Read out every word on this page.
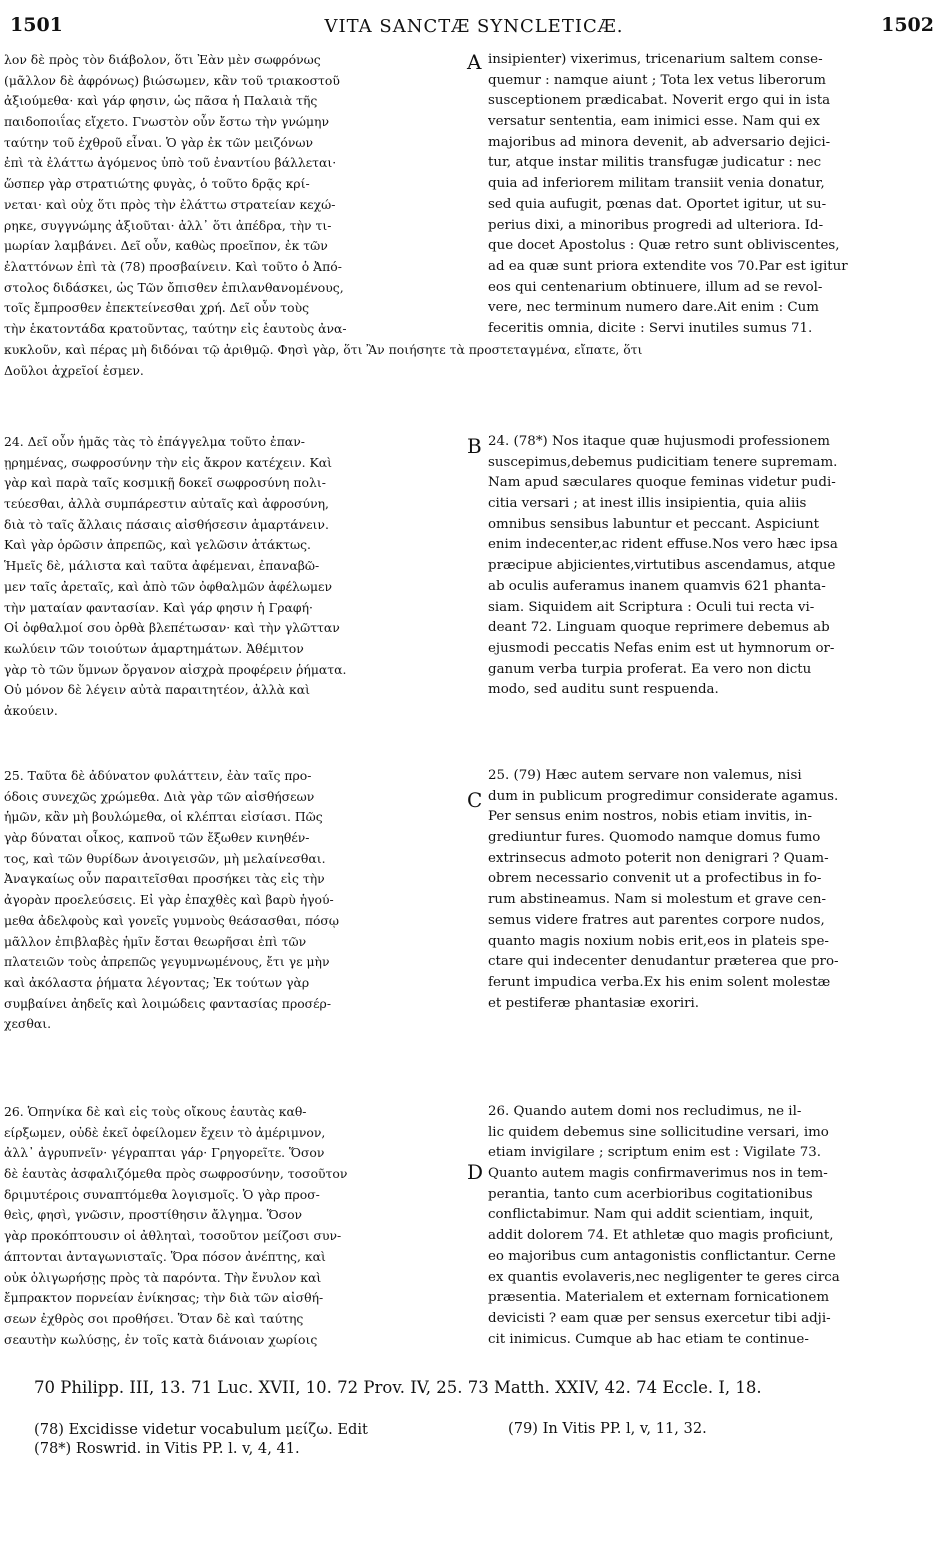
1501	VITA SANCTÆ SYNCLETICÆ.	1502
A
B
C
D
λον δὲ πρὸς τὸν διάβολον, ὅτι Ἐὰν μὲν σωφρόνως
(μᾶλλον δὲ ἀφρόνως) βιώσωμεν, κἂν τοῦ τριακοστοῦ
ἀξιούμεθα· καὶ γάρ φησιν, ὡς πᾶσα ἡ Παλαιὰ τῆς
παιδοποιΐας εἴχετο. Γνωστὸν οὖν ἔστω τὴν γνώμην
ταύτην τοῦ ἐχθροῦ εἶναι. Ὁ γὰρ ἐκ τῶν μειζόνων
ἐπὶ τὰ ἐλάττω ἀγόμενος ὑπὸ τοῦ ἐναντίου βάλλεται·
ὥσπερ γὰρ στρατιώτης φυγὰς, ὁ τοῦτο δρᾷς κρί-
νεται· καὶ οὐχ ὅτι πρὸς τὴν ἐλάττω στρατείαν κεχώ-
ρηκε, συγγνώμης ἀξιοῦται· ἀλλ᾽ ὅτι ἀπέδρα, τὴν τι-
μωρίαν λαμβάνει. Δεῖ οὖν, καθὼς προεῖπον, ἐκ τῶν
ἐλαττόνων ἐπὶ τὰ (78) προσβαίνειν. Καὶ τοῦτο ὁ Ἀπό-
στολος διδάσκει, ὡς Τῶν ὄπισθεν ἐπιλανθανομένους,
τοῖς ἔμπροσθεν ἐπεκτείνεσθαι χρή. Δεῖ οὖν τοὺς
τὴν ἑκατοντάδα κρατοῦντας, ταύτην εἰς ἑαυτοὺς ἀνα-
insipienter) vixerimus, tricenarium saltem conse-
quemur : namque aiunt ; Tota lex vetus liberorum
susceptionem prædicabat. Noverit ergo qui in ista
versatur sententia, eam inimici esse. Nam qui ex
majoribus ad minora devenit, ab adversario dejici-
tur, atque instar militis transfugæ judicatur : nec
quia ad inferiorem militam transiit venia donatur,
sed quia aufugit, pœnas dat. Oportet igitur, ut su-
perius dixi, a minoribus progredi ad ulteriora. Id-
que docet Apostolus : Quæ retro sunt obliviscentes,
ad ea quæ sunt priora extendite vos 70.Par est igitur
eos qui centenarium obtinuere, illum ad se revol-
vere, nec terminum numero dare.Ait enim : Cum
feceritis omnia, dicite : Servi inutiles sumus 71.
κυκλοῦν, καὶ πέρας μὴ διδόναι τῷ ἀριθμῷ. Φησὶ γὰρ, ὅτι Ἂν ποιήσητε τὰ προστεταγμένα, εἴπατε, ὅτι
Δοῦλοι ἀχρεῖοί ἐσμεν.
24. Δεῖ οὖν ἡμᾶς τὰς τὸ ἐπάγγελμα τοῦτο ἐπαν-
ῃρημένας, σωφροσύνην τὴν εἰς ἄκρον κατέχειν. Καὶ
γὰρ καὶ παρὰ ταῖς κοσμικῇ δοκεῖ σωφροσύνη πολι-
τεύεσθαι, ἀλλὰ συμπάρεστιν αὐταῖς καὶ ἀφροσύνη,
διὰ τὸ ταῖς ἄλλαις πάσαις αἰσθήσεσιν ἁμαρτάνειν.
Καὶ γὰρ ὁρῶσιν ἀπρεπῶς, καὶ γελῶσιν ἀτάκτως.
Ἡμεῖς δὲ, μάλιστα καὶ ταῦτα ἀφέμεναι, ἐπαναβῶ-
μεν ταῖς ἀρεταῖς, καὶ ἀπὸ τῶν ὀφθαλμῶν ἀφέλωμεν
τὴν ματαίαν φαντασίαν. Καὶ γάρ φησιν ἡ Γραφή·
Οἱ ὀφθαλμοί σου ὀρθὰ βλεπέτωσαν· καὶ τὴν γλῶτταν
κωλύειν τῶν τοιούτων ἁμαρτημάτων. Ἀθέμιτον
γὰρ τὸ τῶν ὕμνων ὄργανον αἰσχρὰ προφέρειν ῥήματα.
Οὐ μόνον δὲ λέγειν αὐτὰ παραιτητέον, ἀλλὰ καὶ
ἀκούειν.
24. (78*) Nos itaque quæ hujusmodi professionem
suscepimus,debemus pudicitiam tenere supremam.
Nam apud sæculares quoque feminas videtur pudi-
citia versari ; at inest illis insipientia, quia aliis
omnibus sensibus labuntur et peccant. Aspiciunt
enim indecenter,ac rident effuse.Nos vero hæc ipsa
præcipue abjicientes,virtutibus ascendamus, atque
ab oculis auferamus inanem quamvis 621 phanta-
siam. Siquidem ait Scriptura : Oculi tui recta vi-
deant 72. Linguam quoque reprimere debemus ab
ejusmodi peccatis Nefas enim est ut hymnorum or-
ganum verba turpia proferat. Ea vero non dictu
modo, sed auditu sunt respuenda.
25. Ταῦτα δὲ ἀδύνατον φυλάττειν, ἐὰν ταῖς προ-
όδοις συνεχῶς χρώμεθα. Διὰ γὰρ τῶν αἰσθήσεων
ἡμῶν, κἂν μὴ βουλώμεθα, οἱ κλέπται εἰσίασι. Πῶς
γὰρ δύναται οἶκος, καπνοῦ τῶν ἔξωθεν κινηθέν-
τος, καὶ τῶν θυρίδων ἀνοιγεισῶν, μὴ μελαίνεσθαι.
Ἀναγκαίως οὖν παραιτεῖσθαι προσήκει τὰς εἰς τὴν
ἀγορὰν προελεύσεις. Εἰ γὰρ ἐπαχθὲς καὶ βαρὺ ἡγού-
μεθα ἀδελφοὺς καὶ γονεῖς γυμνοὺς θεάσασθαι, πόσῳ
μᾶλλον ἐπιβλαβὲς ἡμῖν ἔσται θεωρῆσαι ἐπὶ τῶν
πλατειῶν τοὺς ἀπρεπῶς γεγυμνωμένους, ἔτι γε μὴν
καὶ ἀκόλαστα ῥήματα λέγοντας; Ἐκ τούτων γὰρ
συμβαίνει ἀηδεῖς καὶ λοιμώδεις φαντασίας προσέρ-
χεσθαι.
25. (79) Hæc autem servare non valemus, nisi
dum in publicum progredimur considerate agamus.
Per sensus enim nostros, nobis etiam invitis, in-
grediuntur fures. Quomodo namque domus fumo
extrinsecus admoto poterit non denigrari ? Quam-
obrem necessario convenit ut a profectibus in fo-
rum abstineamus. Nam si molestum et grave cen-
semus videre fratres aut parentes corpore nudos,
quanto magis noxium nobis erit,eos in plateis spe-
ctare qui indecenter denudantur præterea que pro-
ferunt impudica verba.Ex his enim solent molestæ
et pestiferæ phantasiæ exoriri.
26. Ὁπηνίκα δὲ καὶ εἰς τοὺς οἴκους ἑαυτὰς καθ-
είρξωμεν, οὐδὲ ἐκεῖ ὀφείλομεν ἔχειν τὸ ἀμέριμνον,
ἀλλ᾽ ἀγρυπνεῖν· γέγραπται γάρ· Γρηγορεῖτε. Ὅσον
δὲ ἑαυτὰς ἀσφαλιζόμεθα πρὸς σωφροσύνην, τοσοῦτον
δριμυτέροις συναπτόμεθα λογισμοῖς. Ὁ γὰρ προσ-
θεὶς, φησὶ, γνῶσιν, προστίθησιν ἄλγημα. Ὅσον
γὰρ προκόπτουσιν οἱ ἀθληταὶ, τοσοῦτον μείζοσι συν-
άπτονται ἀνταγωνισταῖς. Ὅρα πόσον ἀνέπτης, καὶ
οὐκ ὀλιγωρήσῃς πρὸς τὰ παρόντα. Τὴν ἔνυλον καὶ
ἔμπρακτον πορνείαν ἐνίκησας; τὴν διὰ τῶν αἰσθή-
σεων ἐχθρὸς σοι προθήσει. Ὅταν δὲ καὶ ταύτης
σεαυτὴν κωλύσῃς, ἐν τοῖς κατὰ διάνοιαν χωρίοις
26. Quando autem domi nos recludimus, ne il-
lic quidem debemus sine sollicitudine versari, imo
etiam invigilare ; scriptum enim est : Vigilate 73.
Quanto autem magis confirmaverimus nos in tem-
perantia, tanto cum acerbioribus cogitationibus
conflictabimur. Nam qui addit scientiam, inquit,
addit dolorem 74. Et athletæ quo magis proficiunt,
eo majoribus cum antagonistis conflictantur. Cerne
ex quantis evolaveris,nec negligenter te geres circa
præsentia. Materialem et externam fornicationem
devicisti ? eam quæ per sensus exercetur tibi adji-
cit inimicus. Cumque ab hac etiam te continue-
70 Philipp. III, 13. 71 Luc. XVII, 10. 72 Prov. IV, 25. 73 Matth. XXIV, 42. 74 Eccle. I, 18.
(78) Excidisse videtur vocabulum μείζω. Edit
(78*) Roswrid. in Vitis PP. l. v, 4, 41.
(79) In Vitis PP. l, v, 11, 32.
